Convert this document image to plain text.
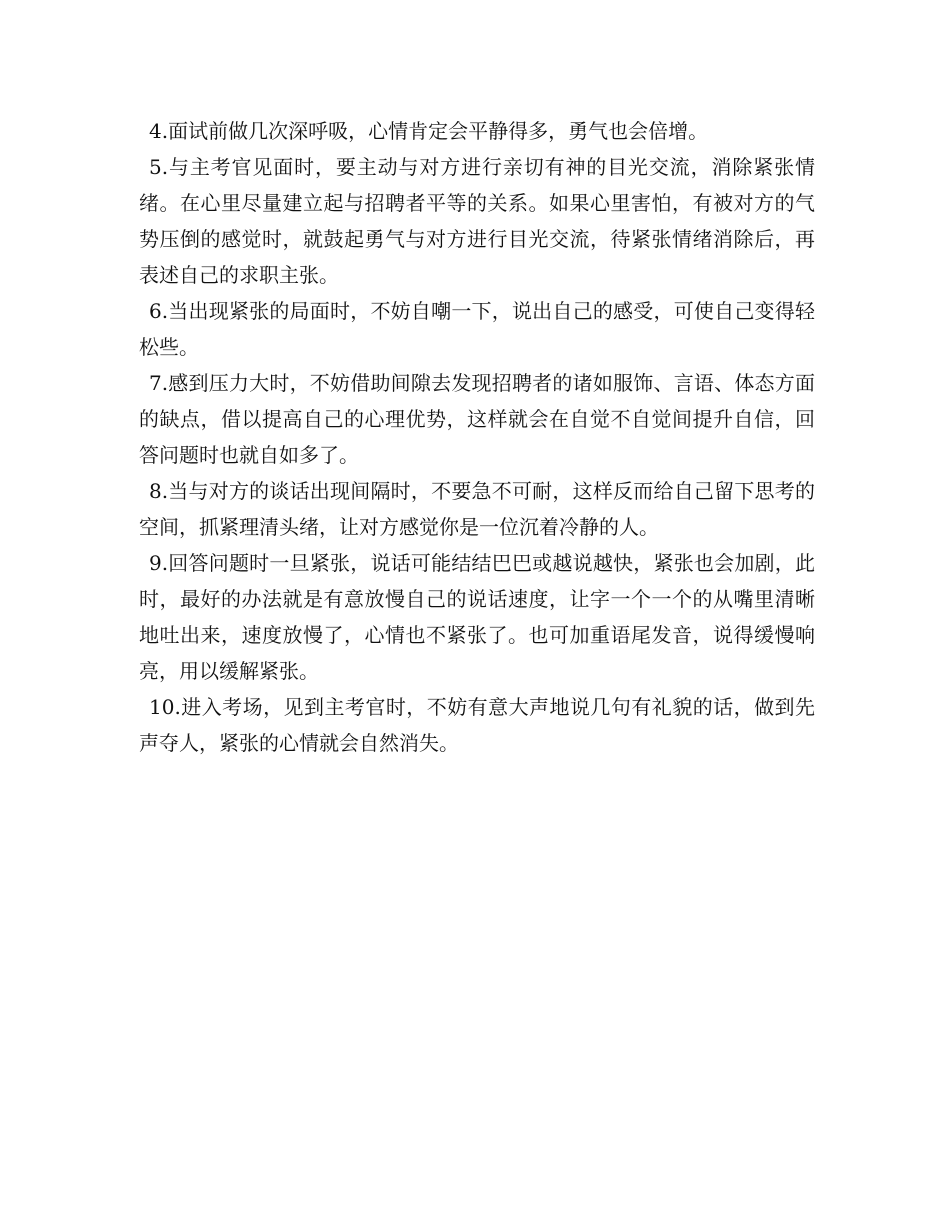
4.面试前做几次深呼吸，心情肯定会平静得多，勇气也会倍增。

5.与主考官见面时，要主动与对方进行亲切有神的目光交流，消除紧张情绪。在心里尽量建立起与招聘者平等的关系。如果心里害怕，有被对方的气势压倒的感觉时，就鼓起勇气与对方进行目光交流，待紧张情绪消除后，再表述自己的求职主张。

6.当出现紧张的局面时，不妨自嘲一下，说出自己的感受，可使自己变得轻松些。

7.感到压力大时，不妨借助间隙去发现招聘者的诸如服饰、言语、体态方面的缺点，借以提高自己的心理优势，这样就会在自觉不自觉间提升自信，回答问题时也就自如多了。

8.当与对方的谈话出现间隔时，不要急不可耐，这样反而给自己留下思考的空间，抓紧理清头绪，让对方感觉你是一位沉着冷静的人。

9.回答问题时一旦紧张，说话可能结结巴巴或越说越快，紧张也会加剧，此时，最好的办法就是有意放慢自己的说话速度，让字一个一个的从嘴里清晰地吐出来，速度放慢了，心情也不紧张了。也可加重语尾发音，说得缓慢响亮，用以缓解紧张。

10.进入考场，见到主考官时，不妨有意大声地说几句有礼貌的话，做到先声夺人，紧张的心情就会自然消失。
